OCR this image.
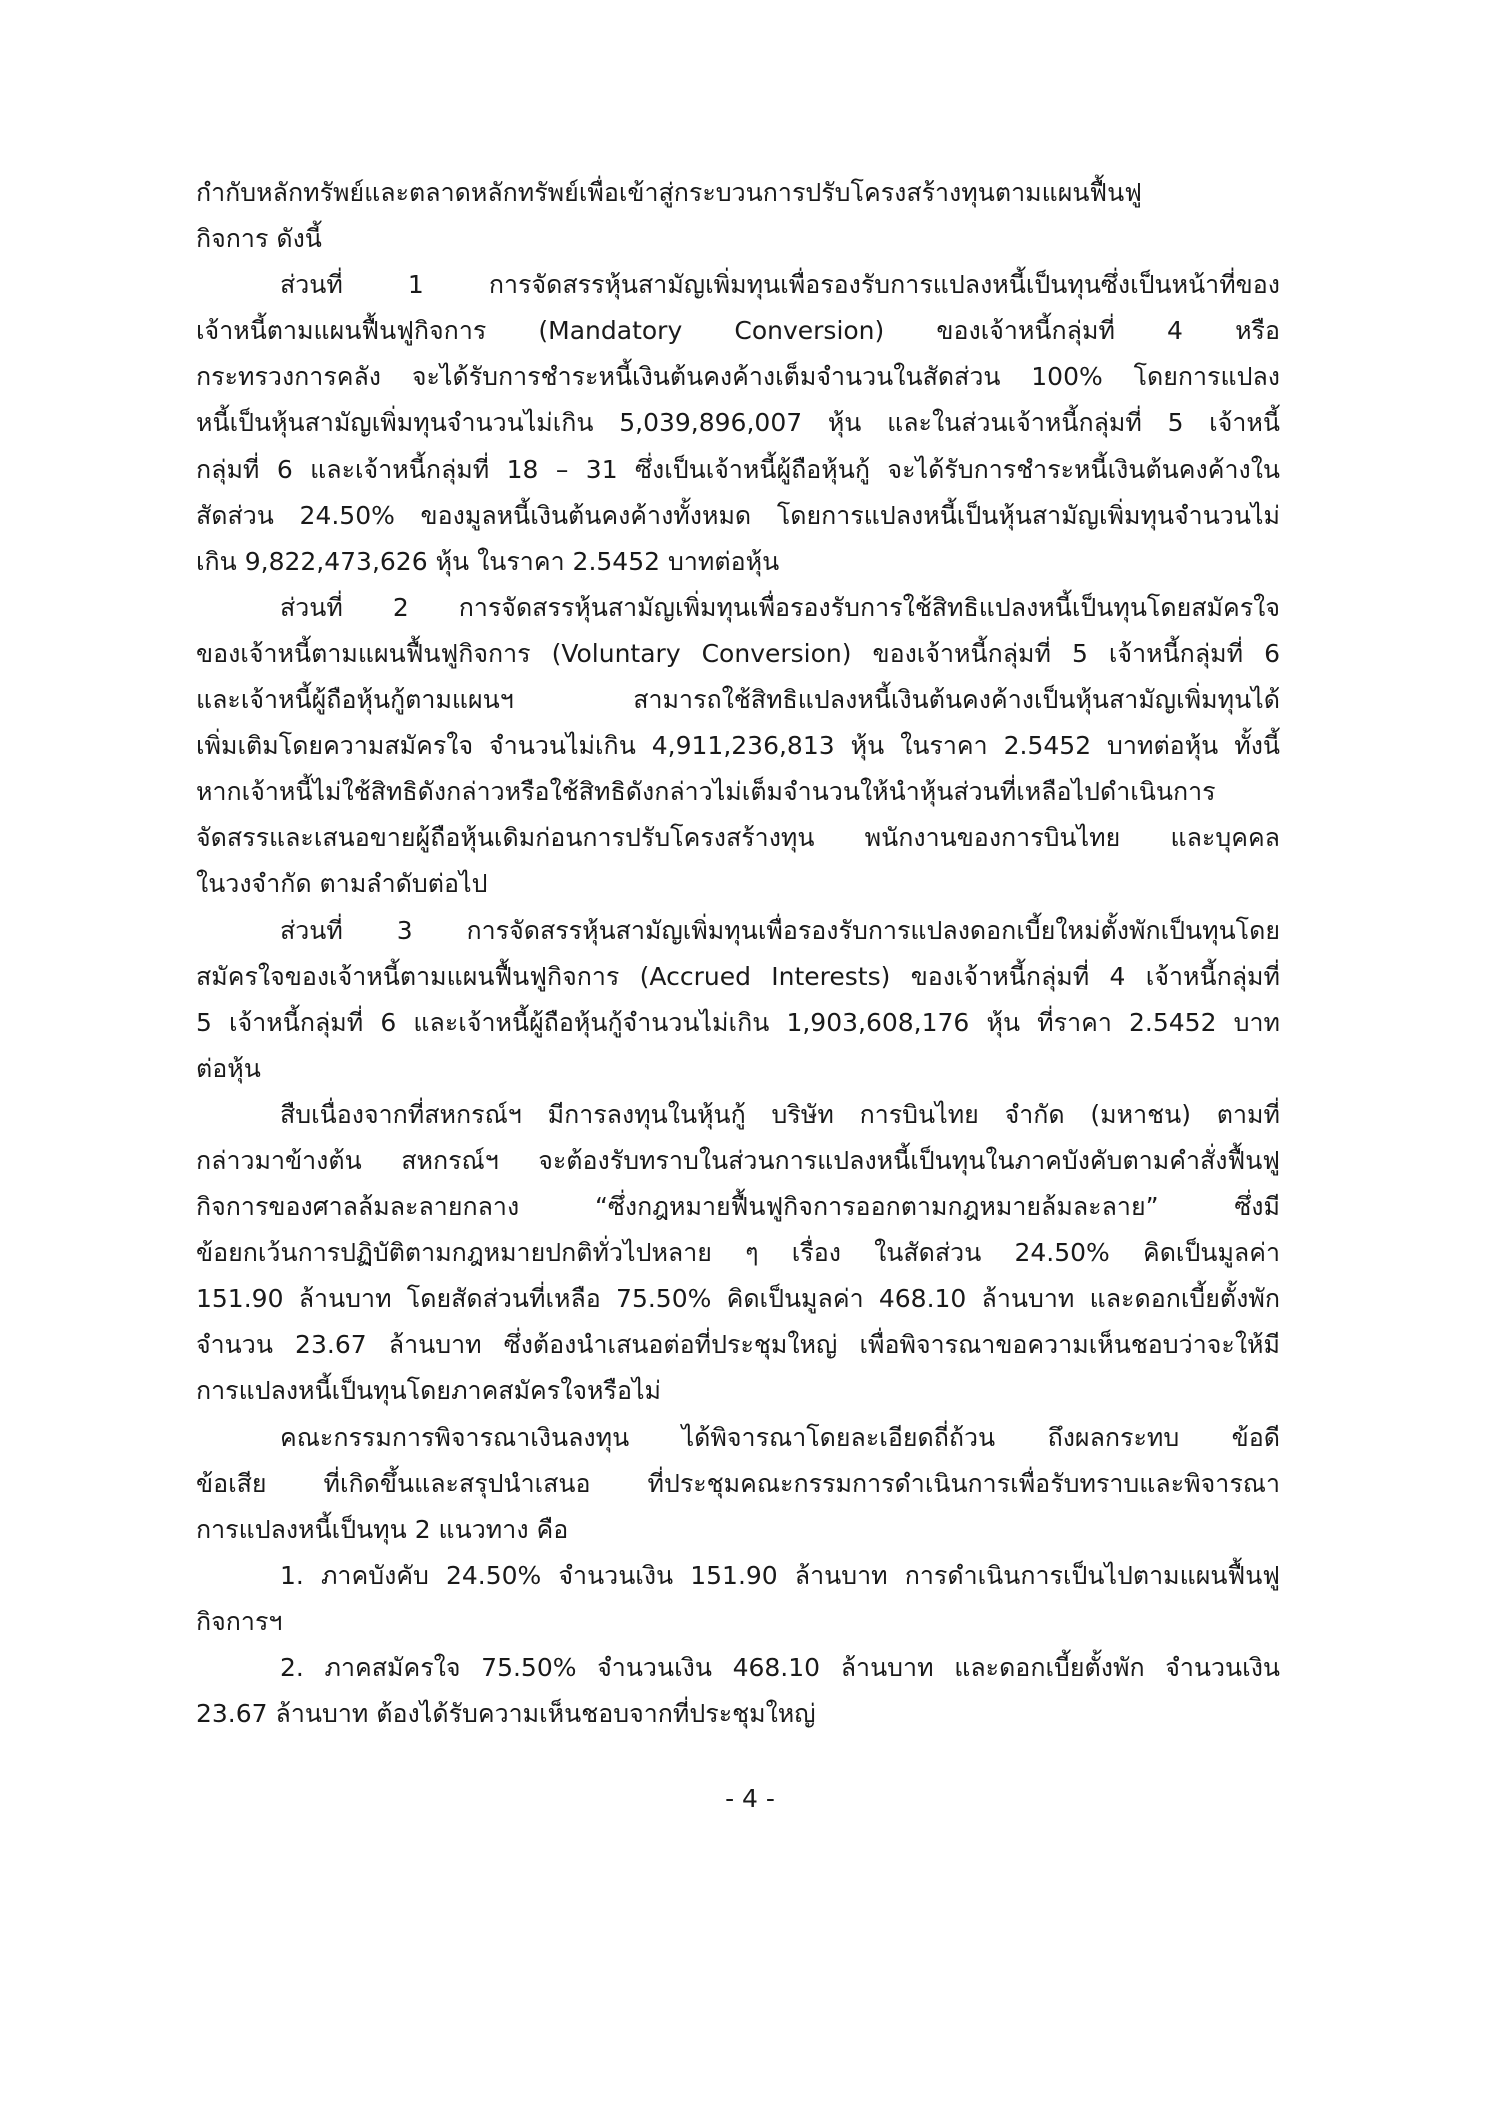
กำกับหลักทรัพย์และตลาดหลักทรัพย์เพื่อเข้าสู่กระบวนการปรับโครงสร้างทุนตามแผนฟื้นฟู
กิจการ ดังนี้
ส่วนที่ 1 การจัดสรรหุ้นสามัญเพิ่มทุนเพื่อรองรับการแปลงหนี้เป็นทุนซึ่งเป็นหน้าที่ของ
เจ้าหนี้ตามแผนฟื้นฟูกิจการ (Mandatory Conversion) ของเจ้าหนี้กลุ่มที่ 4 หรือ
กระทรวงการคลัง จะได้รับการชำระหนี้เงินต้นคงค้างเต็มจำนวนในสัดส่วน 100% โดยการแปลง
หนี้เป็นหุ้นสามัญเพิ่มทุนจำนวนไม่เกิน 5,039,896,007 หุ้น และในส่วนเจ้าหนี้กลุ่มที่ 5 เจ้าหนี้
กลุ่มที่ 6 และเจ้าหนี้กลุ่มที่ 18 – 31 ซึ่งเป็นเจ้าหนี้ผู้ถือหุ้นกู้ จะได้รับการชำระหนี้เงินต้นคงค้างใน
สัดส่วน 24.50% ของมูลหนี้เงินต้นคงค้างทั้งหมด โดยการแปลงหนี้เป็นหุ้นสามัญเพิ่มทุนจำนวนไม่
เกิน 9,822,473,626 หุ้น ในราคา 2.5452 บาทต่อหุ้น
ส่วนที่ 2 การจัดสรรหุ้นสามัญเพิ่มทุนเพื่อรองรับการใช้สิทธิแปลงหนี้เป็นทุนโดยสมัครใจ
ของเจ้าหนี้ตามแผนฟื้นฟูกิจการ (Voluntary Conversion) ของเจ้าหนี้กลุ่มที่ 5 เจ้าหนี้กลุ่มที่ 6
และเจ้าหนี้ผู้ถือหุ้นกู้ตามแผนฯ สามารถใช้สิทธิแปลงหนี้เงินต้นคงค้างเป็นหุ้นสามัญเพิ่มทุนได้
เพิ่มเติมโดยความสมัครใจ จำนวนไม่เกิน 4,911,236,813 หุ้น ในราคา 2.5452 บาทต่อหุ้น ทั้งนี้
หากเจ้าหนี้ไม่ใช้สิทธิดังกล่าวหรือใช้สิทธิดังกล่าวไม่เต็มจำนวนให้นำหุ้นส่วนที่เหลือไปดำเนินการ
จัดสรรและเสนอขายผู้ถือหุ้นเดิมก่อนการปรับโครงสร้างทุน พนักงานของการบินไทย และบุคคล
ในวงจำกัด ตามลำดับต่อไป
ส่วนที่ 3 การจัดสรรหุ้นสามัญเพิ่มทุนเพื่อรองรับการแปลงดอกเบี้ยใหม่ตั้งพักเป็นทุนโดย
สมัครใจของเจ้าหนี้ตามแผนฟื้นฟูกิจการ (Accrued Interests) ของเจ้าหนี้กลุ่มที่ 4 เจ้าหนี้กลุ่มที่
5 เจ้าหนี้กลุ่มที่ 6 และเจ้าหนี้ผู้ถือหุ้นกู้จำนวนไม่เกิน 1,903,608,176 หุ้น ที่ราคา 2.5452 บาท
ต่อหุ้น
สืบเนื่องจากที่สหกรณ์ฯ มีการลงทุนในหุ้นกู้ บริษัท การบินไทย จำกัด (มหาชน) ตามที่
กล่าวมาข้างต้น สหกรณ์ฯ จะต้องรับทราบในส่วนการแปลงหนี้เป็นทุนในภาคบังคับตามคำสั่งฟื้นฟู
กิจการของศาลล้มละลายกลาง “ซึ่งกฎหมายฟื้นฟูกิจการออกตามกฎหมายล้มละลาย” ซึ่งมี
ข้อยกเว้นการปฏิบัติตามกฎหมายปกติทั่วไปหลาย ๆ เรื่อง ในสัดส่วน 24.50% คิดเป็นมูลค่า
151.90 ล้านบาท โดยสัดส่วนที่เหลือ 75.50% คิดเป็นมูลค่า 468.10 ล้านบาท และดอกเบี้ยตั้งพัก
จำนวน 23.67 ล้านบาท ซึ่งต้องนำเสนอต่อที่ประชุมใหญ่ เพื่อพิจารณาขอความเห็นชอบว่าจะให้มี
การแปลงหนี้เป็นทุนโดยภาคสมัครใจหรือไม่
คณะกรรมการพิจารณาเงินลงทุน ได้พิจารณาโดยละเอียดถี่ถ้วน ถึงผลกระทบ ข้อดี
ข้อเสีย ที่เกิดขึ้นและสรุปนำเสนอ ที่ประชุมคณะกรรมการดำเนินการเพื่อรับทราบและพิจารณา
การแปลงหนี้เป็นทุน 2 แนวทาง คือ
1. ภาคบังคับ 24.50% จำนวนเงิน 151.90 ล้านบาท การดำเนินการเป็นไปตามแผนฟื้นฟู
กิจการฯ
2. ภาคสมัครใจ 75.50% จำนวนเงิน 468.10 ล้านบาท และดอกเบี้ยตั้งพัก จำนวนเงิน
23.67 ล้านบาท ต้องได้รับความเห็นชอบจากที่ประชุมใหญ่
- 4 -
